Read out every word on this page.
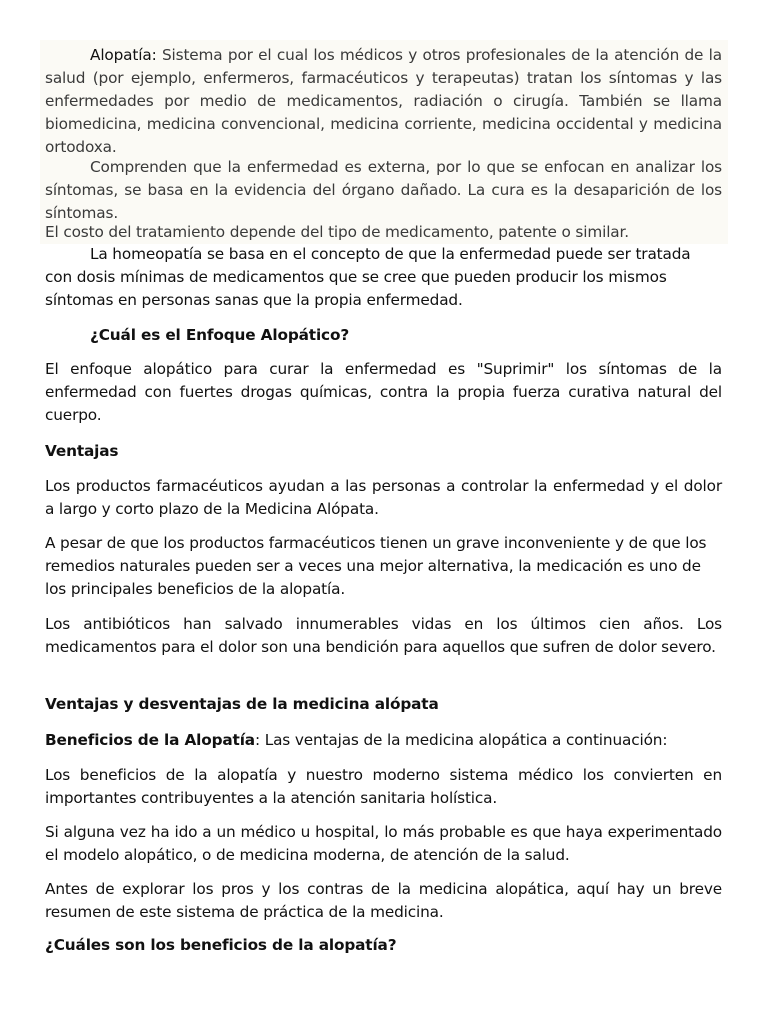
Alopatía: Sistema por el cual los médicos y otros profesionales de la atención de la salud (por ejemplo, enfermeros, farmacéuticos y terapeutas) tratan los síntomas y las enfermedades por medio de medicamentos, radiación o cirugía. También se llama biomedicina, medicina convencional, medicina corriente, medicina occidental y medicina ortodoxa.

Comprenden que la enfermedad es externa, por lo que se enfocan en analizar los síntomas, se basa en la evidencia del órgano dañado. La cura es la desaparición de los síntomas.

El costo del tratamiento depende del tipo de medicamento, patente o similar.

La homeopatía se basa en el concepto de que la enfermedad puede ser tratada con dosis mínimas de medicamentos que se cree que pueden producir los mismos síntomas en personas sanas que la propia enfermedad.

¿Cuál es el Enfoque Alopático?

El enfoque alopático para curar la enfermedad es "Suprimir" los síntomas de la enfermedad con fuertes drogas químicas, contra la propia fuerza curativa natural del cuerpo.

Ventajas

Los productos farmacéuticos ayudan a las personas a controlar la enfermedad y el dolor a largo y corto plazo de la Medicina Alópata.

A pesar de que los productos farmacéuticos tienen un grave inconveniente y de que los remedios naturales pueden ser a veces una mejor alternativa, la medicación es uno de los principales beneficios de la alopatía.

Los antibióticos han salvado innumerables vidas en los últimos cien años. Los medicamentos para el dolor son una bendición para aquellos que sufren de dolor severo.

Ventajas y desventajas de la medicina alópata

Beneficios de la Alopatía: Las ventajas de la medicina alopática a continuación:

Los beneficios de la alopatía y nuestro moderno sistema médico los convierten en importantes contribuyentes a la atención sanitaria holística.

Si alguna vez ha ido a un médico u hospital, lo más probable es que haya experimentado el modelo alopático, o de medicina moderna, de atención de la salud.

Antes de explorar los pros y los contras de la medicina alopática, aquí hay un breve resumen de este sistema de práctica de la medicina.

¿Cuáles son los beneficios de la alopatía?
